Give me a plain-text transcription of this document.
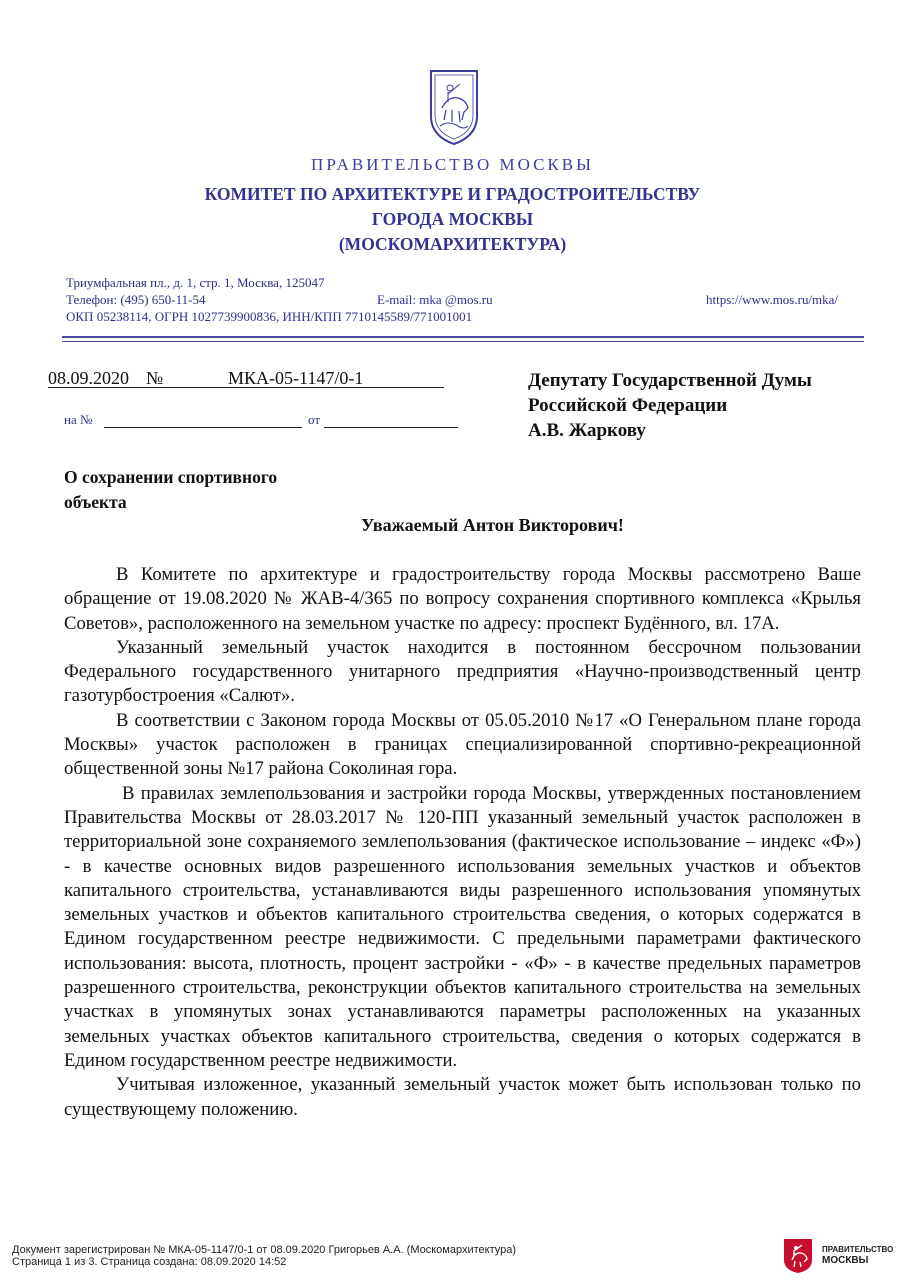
ПРАВИТЕЛЬСТВО МОСКВЫ
КОМИТЕТ ПО АРХИТЕКТУРЕ И ГРАДОСТРОИТЕЛЬСТВУ
ГОРОДА МОСКВЫ
(МОСКОМАРХИТЕКТУРА)
Триумфальная пл., д. 1, стр. 1, Москва, 125047
Телефон: (495) 650-11-54	E-mail: mka @mos.ru	https://www.mos.ru/mka/
ОКП 05238114, ОГРН 1027739900836, ИНН/КПП 7710145589/771001001
08.09.2020 №	МКА-05-1147/0-1
на №	от
Депутату Государственной Думы
Российской Федерации
А.В. Жаркову
О сохранении спортивного
объекта
Уважаемый Антон Викторович!

В Комитете по архитектуре и градостроительству города Москвы рассмотрено Ваше обращение от 19.08.2020 № ЖАВ-4/365 по вопросу сохранения спортивного комплекса «Крылья Советов», расположенного на земельном участке по адресу: проспект Будённого, вл. 17А.

Указанный земельный участок находится в постоянном бессрочном пользовании Федерального государственного унитарного предприятия «Научно-производственный центр газотурбостроения «Салют».

В соответствии с Законом города Москвы от 05.05.2010 №17 «О Генеральном плане города Москвы» участок расположен в границах специализированной спортивно-рекреационной общественной зоны №17 района Соколиная гора.

В правилах землепользования и застройки города Москвы, утвержденных постановлением Правительства Москвы от 28.03.2017 № 120-ПП указанный земельный участок расположен в территориальной зоне сохраняемого землепользования (фактическое использование – индекс «Ф») - в качестве основных видов разрешенного использования земельных участков и объектов капитального строительства, устанавливаются виды разрешенного использования упомянутых земельных участков и объектов капитального строительства сведения, о которых содержатся в Едином государственном реестре недвижимости. С предельными параметрами фактического использования: высота, плотность, процент застройки - «Ф» - в качестве предельных параметров разрешенного строительства, реконструкции объектов капитального строительства на земельных участках в упомянутых зонах устанавливаются параметры расположенных на указанных земельных участках объектов капитального строительства, сведения о которых содержатся в Едином государственном реестре недвижимости.

Учитывая изложенное, указанный земельный участок может быть использован только по существующему положению.

Документ зарегистрирован № МКА-05-1147/0-1 от 08.09.2020 Григорьев А.А. (Москомархитектура)
Страница 1 из 3. Страница создана: 08.09.2020 14:52
ПРАВИТЕЛЬСТВО
МОСКВЫ
